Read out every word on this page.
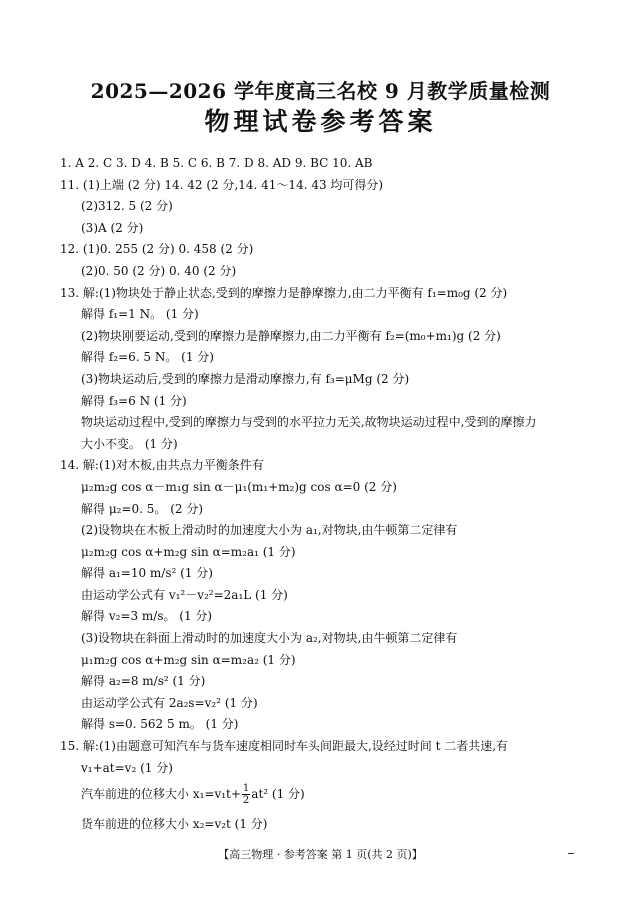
2025—2026 学年度高三名校 9 月教学质量检测
物理试卷参考答案
1. A 2. C 3. D 4. B 5. C 6. B 7. D 8. AD 9. BC 10. AB
11. (1)上端 (2 分) 14. 42 (2 分,14. 41～14. 43 均可得分)
(2)312. 5 (2 分)
(3)A (2 分)
12. (1)0. 255 (2 分) 0. 458 (2 分)
(2)0. 50 (2 分) 0. 40 (2 分)
13. 解:(1)物块处于静止状态,受到的摩擦力是静摩擦力,由二力平衡有 f₁=m₀g (2 分)
解得 f₁=1 N。 (1 分)
(2)物块刚要运动,受到的摩擦力是静摩擦力,由二力平衡有 f₂=(m₀+m₁)g (2 分)
解得 f₂=6. 5 N。 (1 分)
(3)物块运动后,受到的摩擦力是滑动摩擦力,有 f₃=μMg (2 分)
解得 f₃=6 N (1 分)
物块运动过程中,受到的摩擦力与受到的水平拉力无关,故物块运动过程中,受到的摩擦力
大小不变。 (1 分)
14. 解:(1)对木板,由共点力平衡条件有
μ₂m₂g cos α－m₁g sin α－μ₁(m₁+m₂)g cos α=0 (2 分)
解得 μ₂=0. 5。 (2 分)
(2)设物块在木板上滑动时的加速度大小为 a₁,对物块,由牛顿第二定律有
μ₂m₂g cos α+m₂g sin α=m₂a₁ (1 分)
解得 a₁=10 m/s² (1 分)
由运动学公式有 v₁²－v₂²=2a₁L (1 分)
解得 v₂=3 m/s。 (1 分)
(3)设物块在斜面上滑动时的加速度大小为 a₂,对物块,由牛顿第二定律有
μ₁m₂g cos α+m₂g sin α=m₂a₂ (1 分)
解得 a₂=8 m/s² (1 分)
由运动学公式有 2a₂s=v₂² (1 分)
解得 s=0. 562 5 m。 (1 分)
15. 解:(1)由题意可知汽车与货车速度相同时车头间距最大,设经过时间 t 二者共速,有
v₁+at=v₂ (1 分)
汽车前进的位移大小 $x_1=v_1t+ \frac{1}{2} at^2$ (1 分)
货车前进的位移大小 x₂=v₂t (1 分)
【高三物理 · 参考答案 第 1 页(共 2 页)】
